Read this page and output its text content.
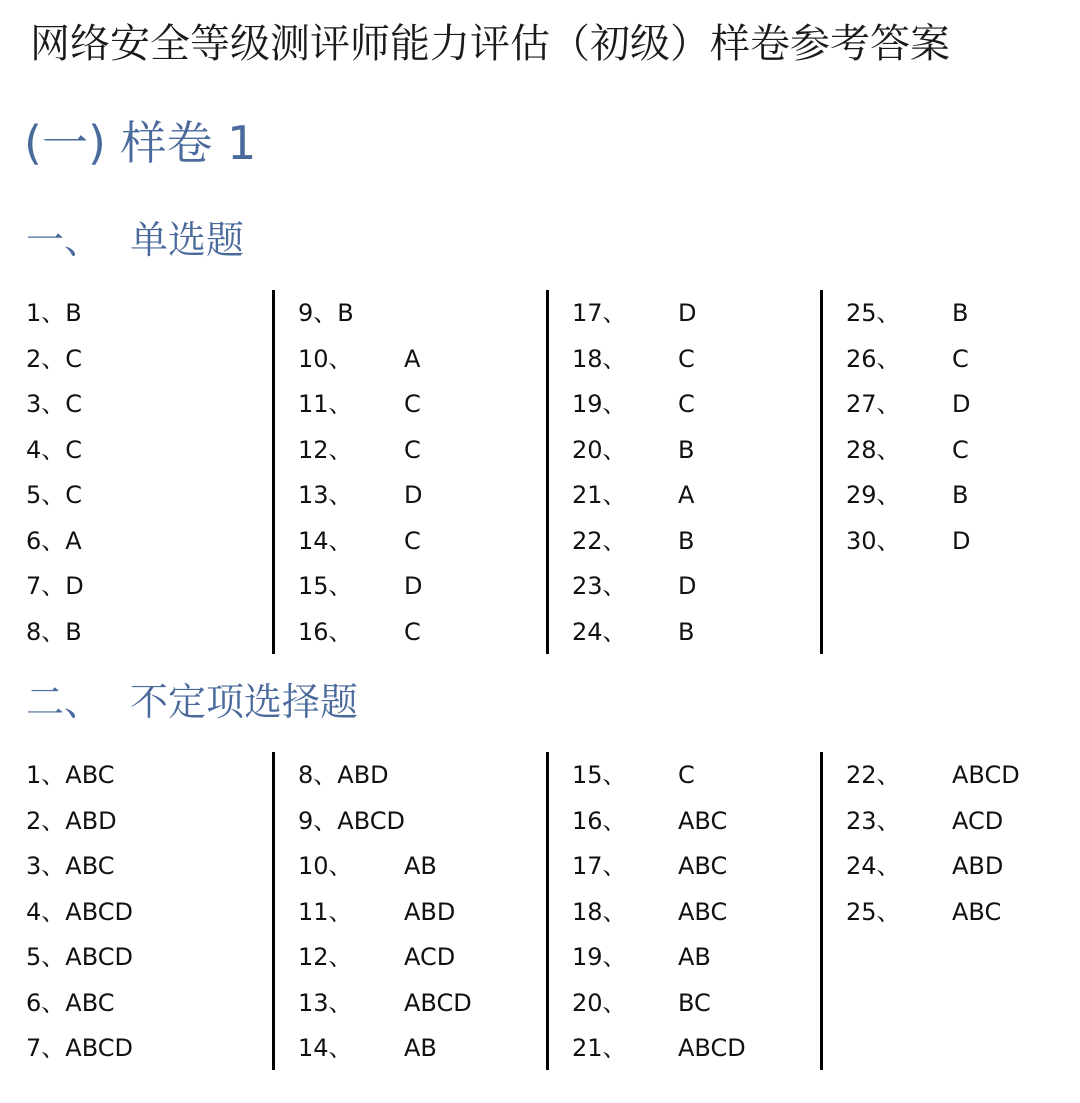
网络安全等级测评师能力评估（初级）样卷参考答案
(一) 样卷 1
一、 单选题
1、B
2、C
3、C
4、C
5、C
6、A
7、D
8、B
9、B
10、 A
11、 C
12、 C
13、 D
14、 C
15、 D
16、 C
17、 D
18、 C
19、 C
20、 B
21、 A
22、 B
23、 D
24、 B
25、 B
26、 C
27、 D
28、 C
29、 B
30、 D
二、 不定项选择题
1、ABC
2、ABD
3、ABC
4、ABCD
5、ABCD
6、ABC
7、ABCD
8、ABD
9、ABCD
10、 AB
11、 ABD
12、 ACD
13、 ABCD
14、 AB
15、 C
16、 ABC
17、 ABC
18、 ABC
19、 AB
20、 BC
21、 ABCD
22、 ABCD
23、 ACD
24、 ABD
25、 ABC
